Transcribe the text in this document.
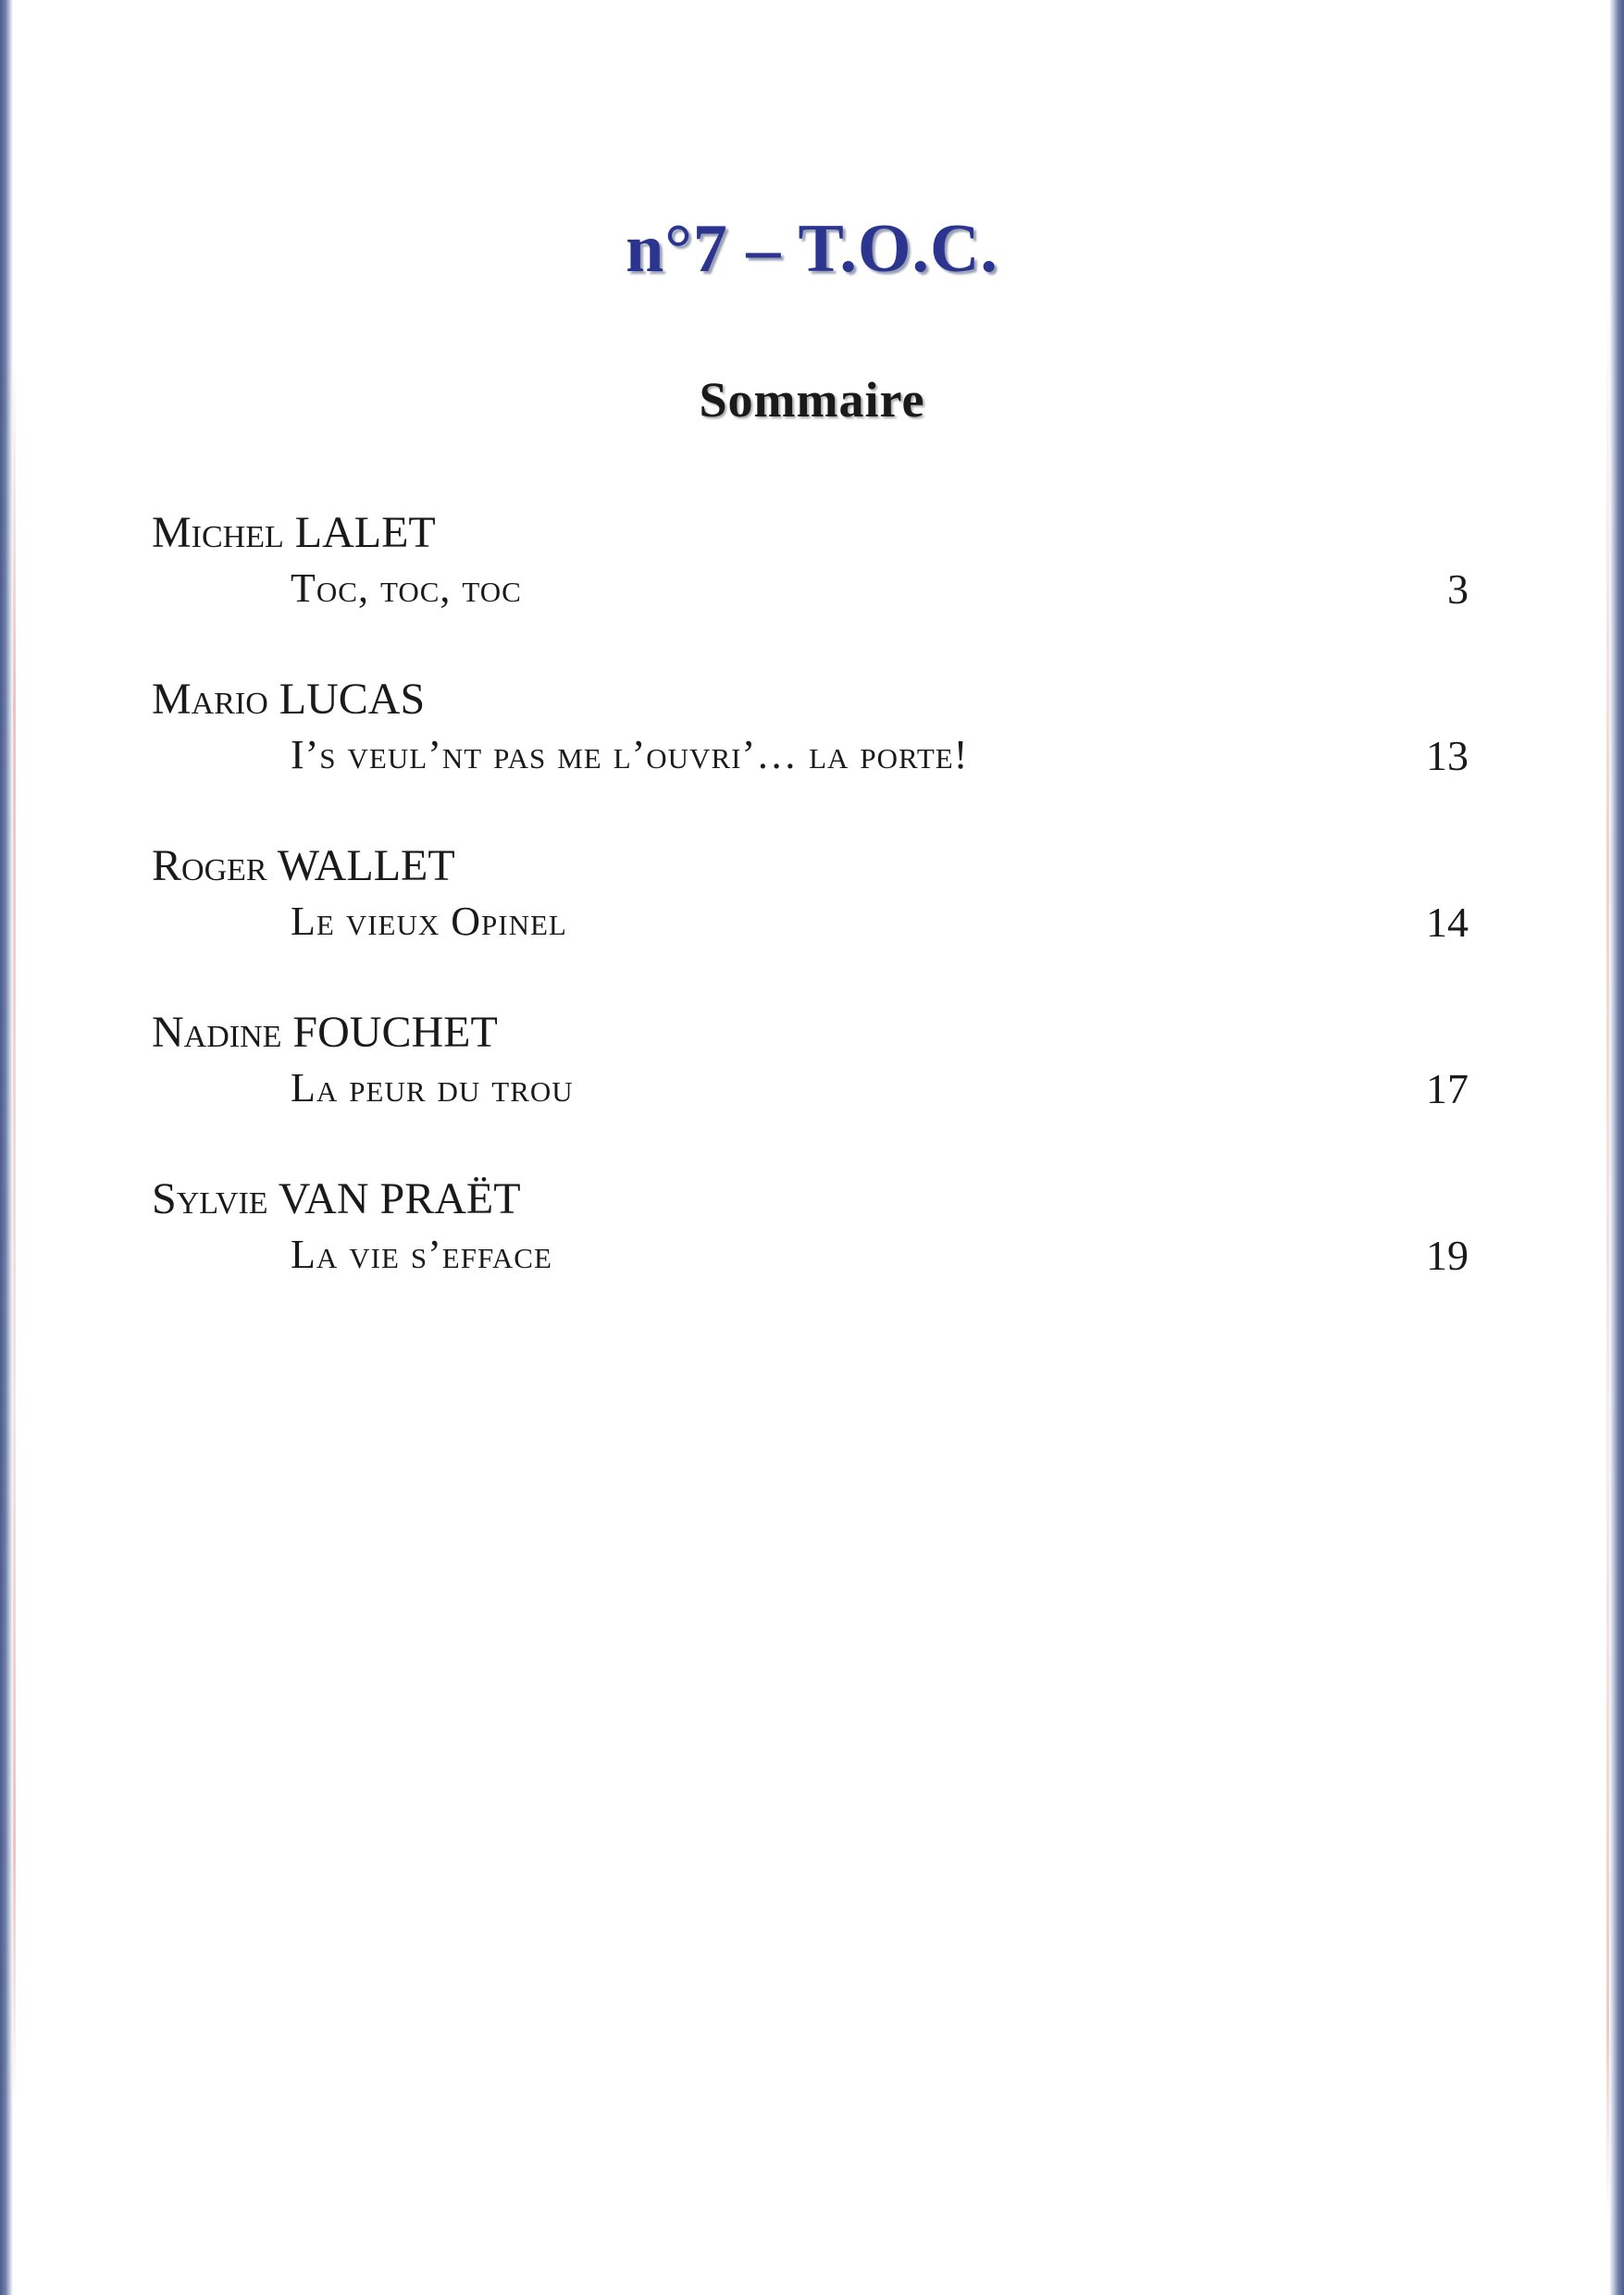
n°7 – T.O.C.
Sommaire
Michel LALET
Toc, toc, toc	3
Mario LUCAS
I’s veul’nt pas me l’ouvri’… la porte!	13
Roger WALLET
Le vieux Opinel	14
Nadine FOUCHET
La peur du trou	17
Sylvie VAN PRAËT
La vie s’efface	19
